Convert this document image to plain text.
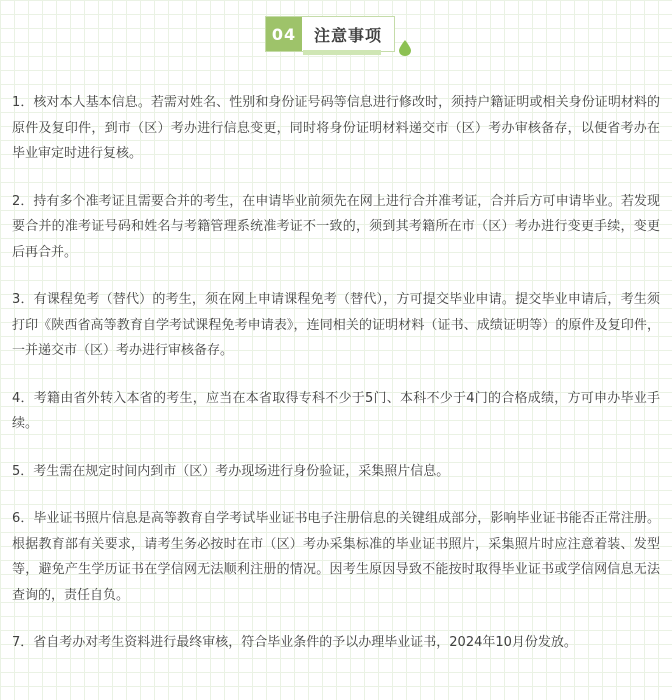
04	注意事项

1．核对本人基本信息。若需对姓名、性别和身份证号码等信息进行修改时，须持户籍证明或相关身份证明材料的原件及复印件，到市（区）考办进行信息变更，同时将身份证明材料递交市（区）考办审核备存，以便省考办在毕业审定时进行复核。

2．持有多个准考证且需要合并的考生，在申请毕业前须先在网上进行合并准考证，合并后方可申请毕业。若发现要合并的准考证号码和姓名与考籍管理系统准考证不一致的，须到其考籍所在市（区）考办进行变更手续，变更后再合并。

3．有课程免考（替代）的考生，须在网上申请课程免考（替代），方可提交毕业申请。提交毕业申请后，考生须打印《陕西省高等教育自学考试课程免考申请表》，连同相关的证明材料（证书、成绩证明等）的原件及复印件，一并递交市（区）考办进行审核备存。

4．考籍由省外转入本省的考生，应当在本省取得专科不少于5门、本科不少于4门的合格成绩，方可申办毕业手续。

5．考生需在规定时间内到市（区）考办现场进行身份验证，采集照片信息。

6．毕业证书照片信息是高等教育自学考试毕业证书电子注册信息的关键组成部分，影响毕业证书能否正常注册。根据教育部有关要求，请考生务必按时在市（区）考办采集标准的毕业证书照片，采集照片时应注意着装、发型等，避免产生学历证书在学信网无法顺利注册的情况。因考生原因导致不能按时取得毕业证书或学信网信息无法查询的，责任自负。

7．省自考办对考生资料进行最终审核，符合毕业条件的予以办理毕业证书，2024年10月份发放。
